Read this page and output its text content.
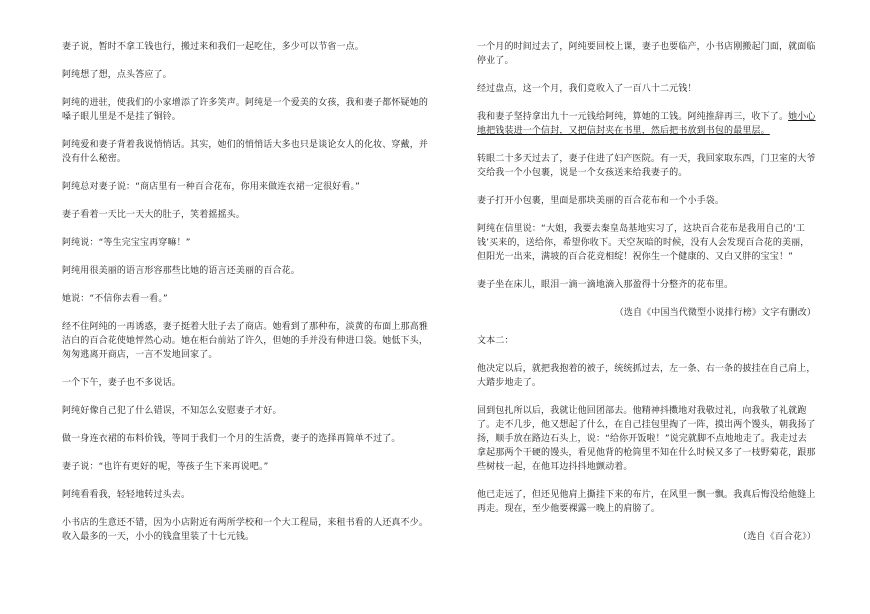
妻子说，暂时不拿工钱也行，搬过来和我们一起吃住，多少可以节省一点。

阿纯想了想，点头答应了。

阿纯的进驻，使我们的小家增添了许多笑声。阿纯是一个爱美的女孩，我和妻子都怀疑她的嗓子眼儿里是不是挂了铜铃。

阿纯爱和妻子背着我说悄悄话。其实，她们的悄悄话大多也只是谈论女人的化妆、穿戴，并没有什么秘密。

阿纯总对妻子说：“商店里有一种百合花布，你用来做连衣裙一定很好看。”

妻子看着一天比一天大的肚子，笑着摇摇头。

阿纯说：“等生完宝宝再穿嘛！”

阿纯用很美丽的语言形容那些比她的语言还美丽的百合花。

她说：“不信你去看一看。”

经不住阿纯的一再诱惑，妻子挺着大肚子去了商店。她看到了那种布，淡黄的布面上那高雅洁白的百合花使她怦然心动。她在柜台前站了许久，但她的手并没有伸进口袋。她低下头，匆匆逃离开商店，一言不发地回家了。

一个下午，妻子也不多说话。

阿纯好像自己犯了什么错误，不知怎么安慰妻子才好。

做一身连衣裙的布料价钱，等同于我们一个月的生活费，妻子的选择再简单不过了。

妻子说：“也许有更好的呢，等孩子生下来再说吧。”

阿纯看看我，轻轻地转过头去。

小书店的生意还不错，因为小店附近有两所学校和一个大工程局，来租书看的人还真不少。收入最多的一天，小小的钱盒里装了十七元钱。

一个月的时间过去了，阿纯要回校上课，妻子也要临产，小书店刚搬起门面，就面临停业了。

经过盘点，这一个月，我们竟收入了一百八十二元钱！

我和妻子坚持拿出九十一元钱给阿纯，算她的工钱。阿纯推辞再三，收下了。她小心地把钱装进一个信封，又把信封夹在书里，然后把书放到书包的最里层。

转眼二十多天过去了，妻子住进了妇产医院。有一天，我回家取东西，门卫室的大爷交给我一个小包裹，说是一个女孩送来给我妻子的。

妻子打开小包裹，里面是那块美丽的百合花布和一个小手袋。

阿纯在信里说：“大姐，我要去秦皇岛基地实习了，这块百合花布是我用自己的‘工钱’买来的，送给你，希望你收下。天空灰暗的时候，没有人会发现百合花的美丽，但阳光一出来，满坡的百合花竞相绽！祝你生一个健康的、又白又胖的宝宝！”

妻子坐在床儿，眼泪一滴一滴地滴入那盈得十分整齐的花布里。

（选自《中国当代微型小说排行榜》文字有删改）

文本二：

他决定以后，就把我抱着的被子，统统抓过去，左一条、右一条的披挂在自己肩上，大踏步地走了。

回到包扎所以后，我就让他回团部去。他精神抖擞地对我敬过礼，向我敬了礼就跑了。走不几步，他又想起了什么，在自己挂包里掏了一阵，摸出两个馒头，朝我扬了扬，顺手放在路边石头上，说：“给你开饭啦！”说完就脚不点地地走了。我走过去拿起那两个干硬的馒头，看见他背的枪筒里不知在什么时候又多了一枝野菊花，跟那些树枝一起，在他耳边抖抖地颤动着。

他已走远了，但还见他肩上撕挂下来的布片，在风里一飘一飘。我真后悔没给他缝上再走。现在，至少他要裸露一晚上的肩膀了。

（选自《百合花》）
